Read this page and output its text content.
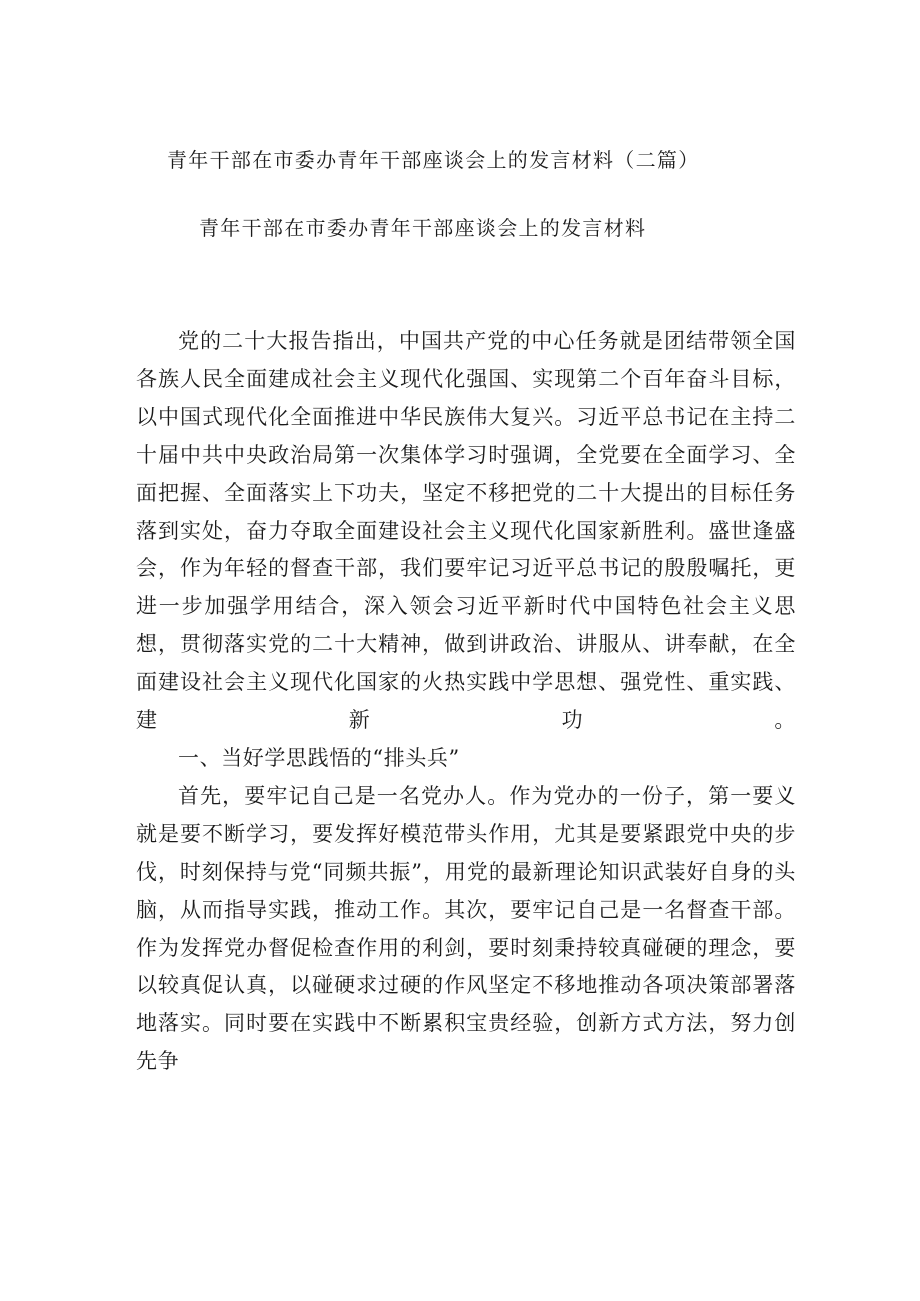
青年干部在市委办青年干部座谈会上的发言材料（二篇）
青年干部在市委办青年干部座谈会上的发言材料

党的二十大报告指出，中国共产党的中心任务就是团结带领全国各族人民全面建成社会主义现代化强国、实现第二个百年奋斗目标，以中国式现代化全面推进中华民族伟大复兴。习近平总书记在主持二十届中共中央政治局第一次集体学习时强调，全党要在全面学习、全面把握、全面落实上下功夫，坚定不移把党的二十大提出的目标任务落到实处，奋力夺取全面建设社会主义现代化国家新胜利。盛世逢盛会，作为年轻的督查干部，我们要牢记习近平总书记的殷殷嘱托，更进一步加强学用结合，深入领会习近平新时代中国特色社会主义思想，贯彻落实党的二十大精神，做到讲政治、讲服从、讲奉献，在全面建设社会主义现代化国家的火热实践中学思想、强党性、重实践、建新功。

一、当好学思践悟的“排头兵”

首先，要牢记自己是一名党办人。作为党办的一份子，第一要义就是要不断学习，要发挥好模范带头作用，尤其是要紧跟党中央的步伐，时刻保持与党“同频共振”，用党的最新理论知识武装好自身的头脑，从而指导实践，推动工作。其次，要牢记自己是一名督查干部。作为发挥党办督促检查作用的利剑，要时刻秉持较真碰硬的理念，要以较真促认真，以碰硬求过硬的作风坚定不移地推动各项决策部署落地落实。同时要在实践中不断累积宝贵经验，创新方式方法，努力创先争
